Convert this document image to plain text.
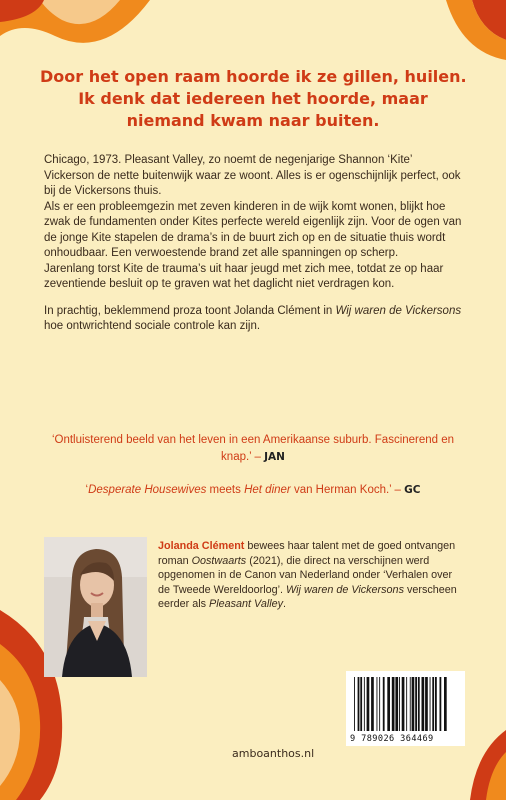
Door het open raam hoorde ik ze gillen, huilen.
Ik denk dat iedereen het hoorde, maar
niemand kwam naar buiten.

Chicago, 1973. Pleasant Valley, zo noemt de negenjarige Shannon ‘Kite’ Vickerson de nette buitenwijk waar ze woont. Alles is er ogenschijnlijk perfect, ook bij de Vickersons thuis.

Als er een probleemgezin met zeven kinderen in de wijk komt wonen, blijkt hoe zwak de fundamenten onder Kites perfecte wereld eigenlijk zijn. Voor de ogen van de jonge Kite stapelen de drama’s in de buurt zich op en de situatie thuis wordt onhoudbaar. Een verwoestende brand zet alle spanningen op scherp.

Jarenlang torst Kite de trauma’s uit haar jeugd met zich mee, totdat ze op haar zeventiende besluit op te graven wat het daglicht niet verdragen kon.

In prachtig, beklemmend proza toont Jolanda Clément in Wij waren de Vickersons hoe ontwrichtend sociale controle kan zijn.

‘Ontluisterend beeld van het leven in een Amerikaanse suburb. Fascinerend en knap.’ – JAN

‘Desperate Housewives meets Het diner van Herman Koch.’ – GC

Jolanda Clément bewees haar talent met de goed ontvangen roman Oostwaarts (2021), die direct na verschijnen werd opgenomen in de Canon van Nederland onder ‘Verhalen over de Tweede Wereldoorlog’. Wij waren de Vickersons verscheen eerder als Pleasant Valley.
9 789026 364469
amboanthos.nl
